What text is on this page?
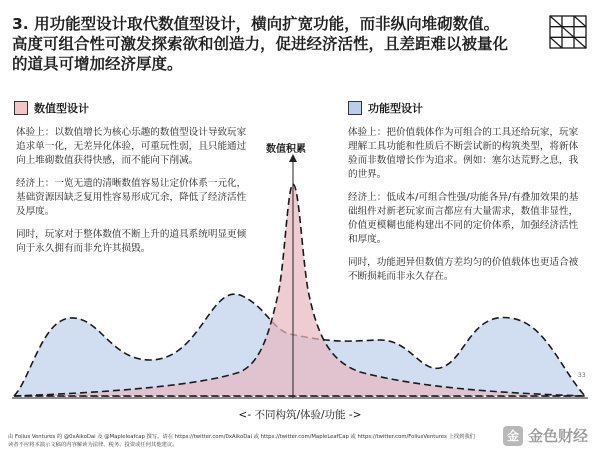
3. 用功能型设计取代数值型设计，横向扩宽功能，而非纵向堆砌数值。高度可组合性可激发探索欲和创造力，促进经济活性，且差距难以被量化的道具可增加经济厚度。
数值型设计	功能型设计
数值积累

体验上：以数值增长为核心乐趣的数值型设计导致玩家追求单一化，无差异化体验，可重玩性弱，且只能通过向上堆砌数值获得快感，而不能向下削减。

经济上：一览无遗的清晰数值容易让定价体系一元化，基础资源因缺乏复用性容易形成冗余，降低了经济活性及厚度。

同时，玩家对于整体数值不断上升的道具系统明显更倾向于永久拥有而非允许其损毁。

体验上：把价值载体作为可组合的工具还给玩家，玩家理解工具功能和性质后不断尝试新的构筑类型，将新体验而非数值增长作为追求。例如：塞尔达荒野之息，我的世界。

经济上：低成本/可组合性强/功能各异/有叠加效果的基础组件对新老玩家而言都应有大量需求，数值非显性，价值更模糊也能构建出不同的定价体系，加强经济活性和厚度。

同时，功能迥异但数值方差均匀的价值载体也更适合被不断损耗而非永久存在。

<- 不同构筑/体验/功能 ->
33
由 Folius Ventures 的 @0xAikoDai 及 @Mapleleafcap 撰写。请在 https://twitter.com/0xAikoDai 或 https://twitter.com/MapleLeafCap 或 https://twitter.com/FoliusVentures 上找到我们
读者不应将本演示文稿的内容解读为法律、税务、投资或任何其他建议。
金 金色财经
